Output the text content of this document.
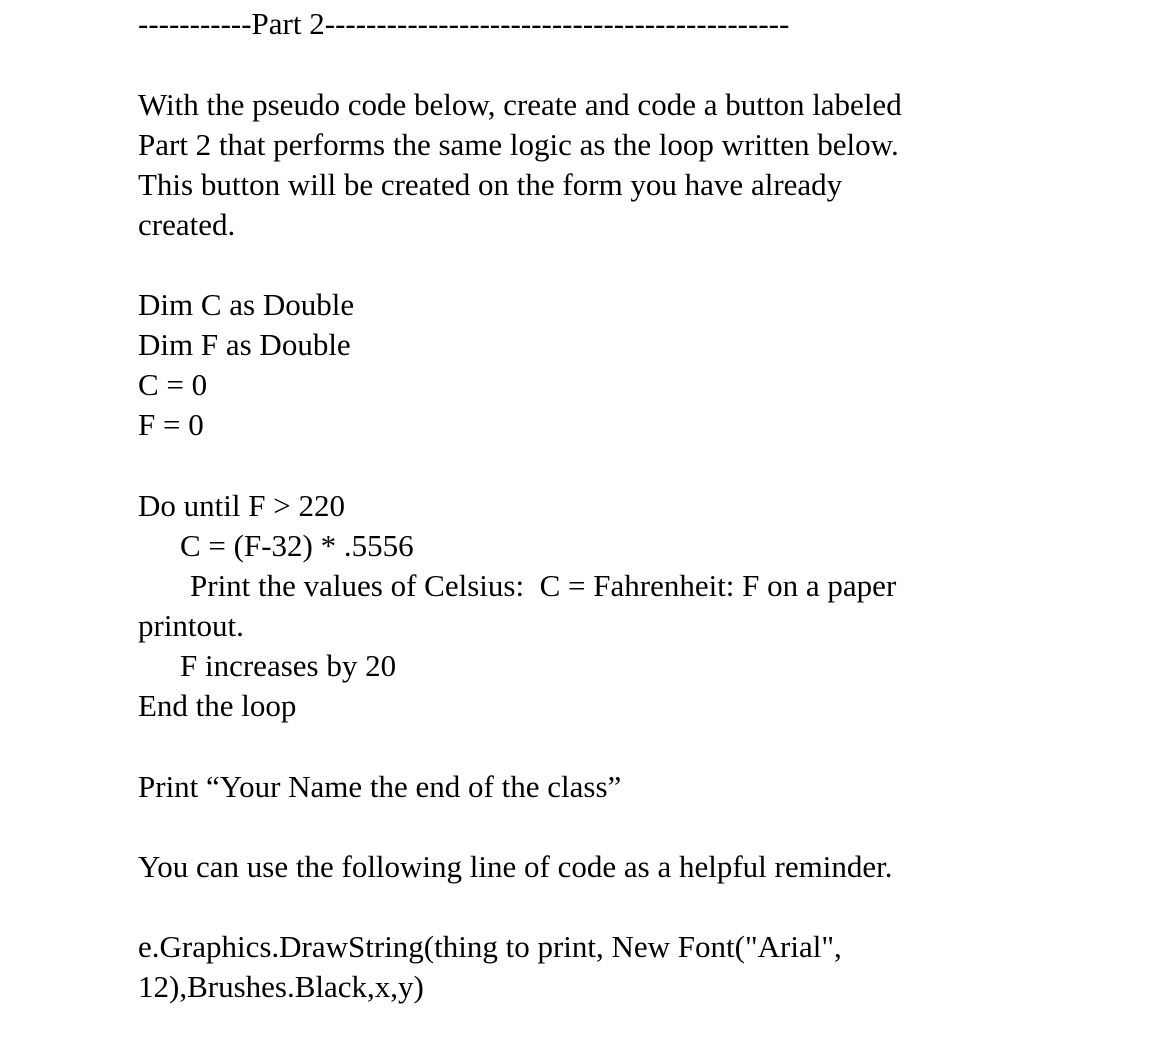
-----------Part 2---------------------------------------------
With the pseudo code below, create and code a button labeled
Part 2 that performs the same logic as the loop written below.
This button will be created on the form you have already
created.
Dim C as Double
Dim F as Double
C = 0
F = 0
Do until F > 220
C = (F-32) * .5556
Print the values of Celsius:  C = Fahrenheit: F on a paper
printout.
F increases by 20
End the loop
Print “Your Name the end of the class”
You can use the following line of code as a helpful reminder.
e.Graphics.DrawString(thing to print, New Font("Arial",
12),Brushes.Black,x,y)
